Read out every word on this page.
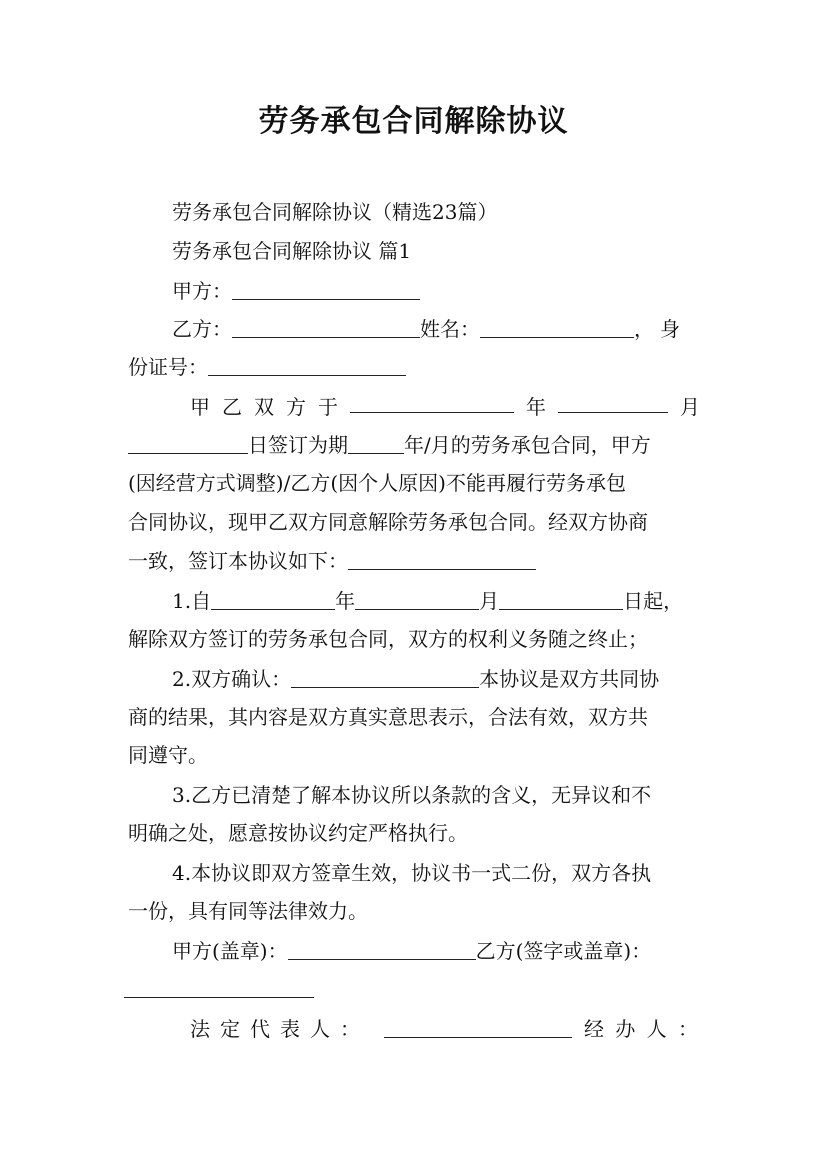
劳务承包合同解除协议
劳务承包合同解除协议（精选23篇）
劳务承包合同解除协议 篇1
甲方：
乙方：	姓名：	，身
份证号：
甲 乙 双 方 于	年	月
日签订为期	年/月的劳务承包合同，甲方
(因经营方式调整)/乙方(因个人原因)不能再履行劳务承包
合同协议，现甲乙双方同意解除劳务承包合同。经双方协商
一致，签订本协议如下：
1.自	年	月	日起，
解除双方签订的劳务承包合同，双方的权利义务随之终止；
2.双方确认：	本协议是双方共同协
商的结果，其内容是双方真实意思表示，合法有效，双方共
同遵守。
3.乙方已清楚了解本协议所以条款的含义，无异议和不
明确之处，愿意按协议约定严格执行。
4.本协议即双方签章生效，协议书一式二份，双方各执
一份，具有同等法律效力。
甲方(盖章)：	乙方(签字或盖章)：
法 定 代 表 人 ：	经 办 人 ：
